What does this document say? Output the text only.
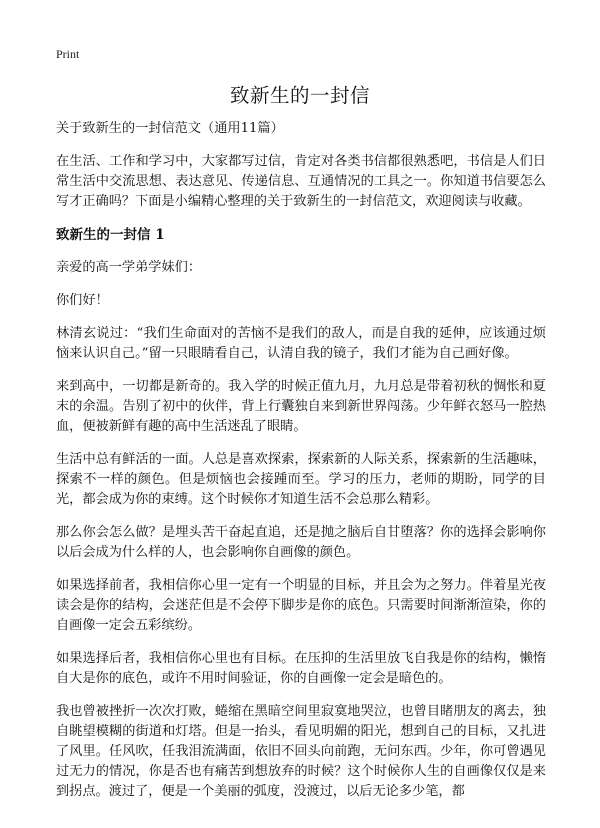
Print
致新生的一封信

关于致新生的一封信范文（通用11篇）

在生活、工作和学习中，大家都写过信，肯定对各类书信都很熟悉吧，书信是人们日常生活中交流思想、表达意见、传递信息、互通情况的工具之一。你知道书信要怎么写才正确吗？下面是小编精心整理的关于致新生的一封信范文，欢迎阅读与收藏。

致新生的一封信 1

亲爱的高一学弟学妹们：

你们好！

林清玄说过：“我们生命面对的苦恼不是我们的敌人，而是自我的延伸，应该通过烦恼来认识自己。”留一只眼睛看自己，认清自我的镜子，我们才能为自己画好像。

来到高中，一切都是新奇的。我入学的时候正值九月，九月总是带着初秋的惆怅和夏末的余温。告别了初中的伙伴，背上行囊独自来到新世界闯荡。少年鲜衣怒马一腔热血，便被新鲜有趣的高中生活迷乱了眼睛。

生活中总有鲜活的一面。人总是喜欢探索，探索新的人际关系，探索新的生活趣味，探索不一样的颜色。但是烦恼也会接踵而至。学习的压力，老师的期盼，同学的目光，都会成为你的束缚。这个时候你才知道生活不会总那么精彩。

那么你会怎么做？是埋头苦干奋起直追，还是抛之脑后自甘堕落？你的选择会影响你以后会成为什么样的人，也会影响你自画像的颜色。

如果选择前者，我相信你心里一定有一个明显的目标，并且会为之努力。伴着星光夜读会是你的结构，会迷茫但是不会停下脚步是你的底色。只需要时间渐渐渲染，你的自画像一定会五彩缤纷。

如果选择后者，我相信你心里也有目标。在压抑的生活里放飞自我是你的结构，懒惰自大是你的底色，或许不用时间验证，你的自画像一定会是暗色的。

我也曾被挫折一次次打败，蜷缩在黑暗空间里寂寞地哭泣，也曾目睹朋友的离去，独自眺望模糊的街道和灯塔。但是一抬头，看见明媚的阳光，想到自己的目标，又扎进了风里。任风吹，任我泪流满面，依旧不回头向前跑，无问东西。少年，你可曾遇见过无力的情况，你是否也有痛苦到想放弃的时候？这个时候你人生的自画像仅仅是来到拐点。渡过了，便是一个美丽的弧度，没渡过，以后无论多少笔，都
